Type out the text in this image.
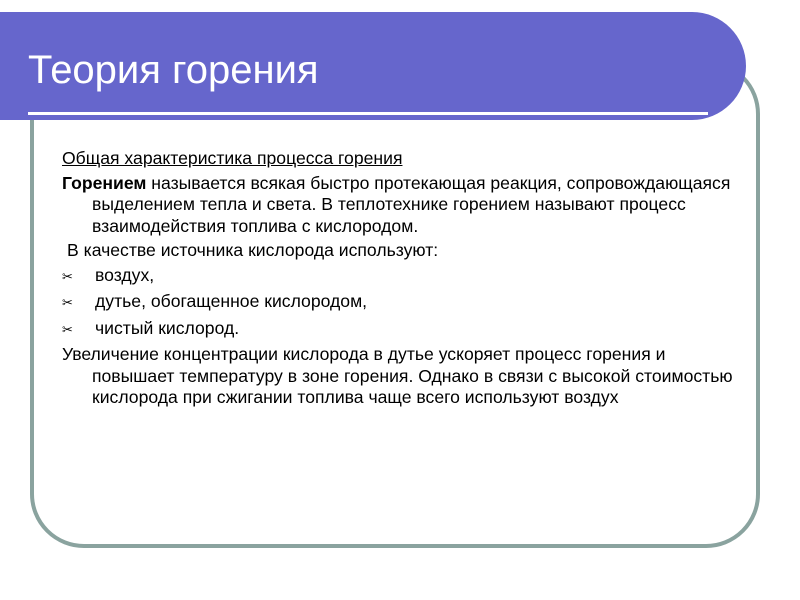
Теория горения

Общая характеристика процесса горения

Горением называется всякая быстро протекающая реакция, сопровождающаяся выделением тепла и света. В теплотехнике горением называют процесс взаимодействия топлива с кислородом.

В качестве источника кислорода используют:

✂ воздух,
✂ дутье, обогащенное кислородом,
✂ чистый кислород.

Увеличение концентрации кислорода в дутье ускоряет процесс горения и повышает температуру в зоне горения. Однако в связи с высокой стоимостью кислорода при сжигании топлива чаще всего используют воздух
